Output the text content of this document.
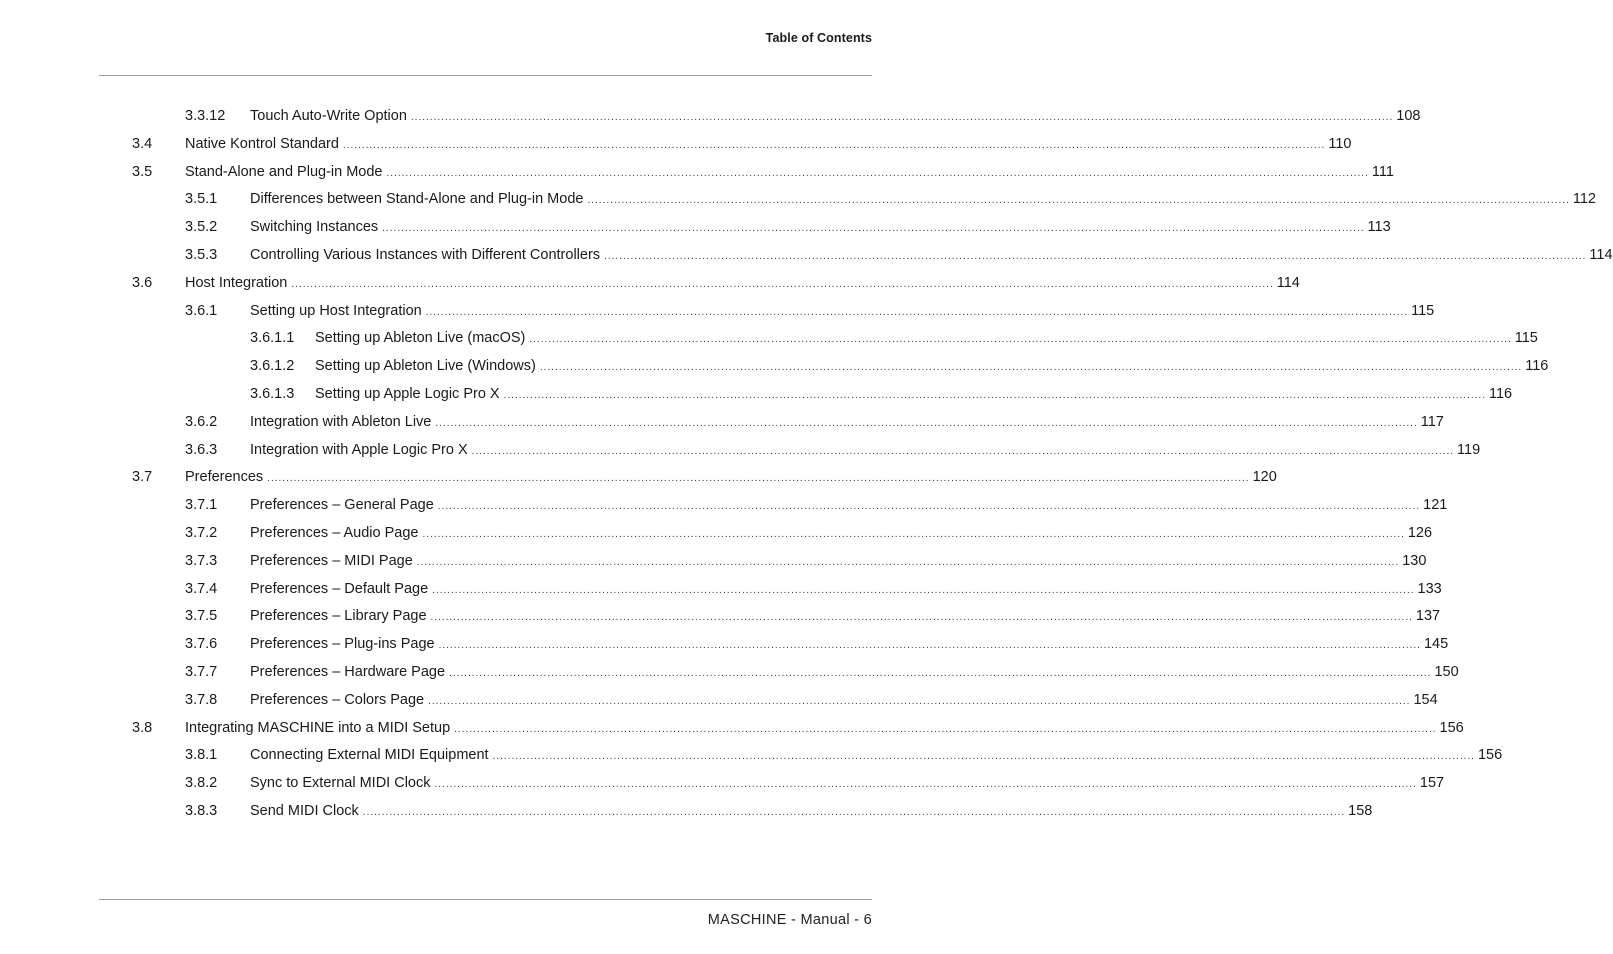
Table of Contents
3.3.12 Touch Auto-Write Option .................................................................................................................................................................................................................................................................... 108
3.4 Native Kontrol Standard .................................................................................................................................................................................................................................................................... 110
3.5 Stand-Alone and Plug-in Mode .................................................................................................................................................................................................................................................................... 111
3.5.1 Differences between Stand-Alone and Plug-in Mode .................................................................................................................................................................................................................................................................... 112
3.5.2 Switching Instances .................................................................................................................................................................................................................................................................... 113
3.5.3 Controlling Various Instances with Different Controllers .................................................................................................................................................................................................................................................................... 114
3.6 Host Integration .................................................................................................................................................................................................................................................................... 114
3.6.1 Setting up Host Integration .................................................................................................................................................................................................................................................................... 115
3.6.1.1 Setting up Ableton Live (macOS) .................................................................................................................................................................................................................................................................... 115
3.6.1.2 Setting up Ableton Live (Windows) .................................................................................................................................................................................................................................................................... 116
3.6.1.3 Setting up Apple Logic Pro X .................................................................................................................................................................................................................................................................... 116
3.6.2 Integration with Ableton Live .................................................................................................................................................................................................................................................................... 117
3.6.3 Integration with Apple Logic Pro X .................................................................................................................................................................................................................................................................... 119
3.7 Preferences .................................................................................................................................................................................................................................................................... 120
3.7.1 Preferences – General Page .................................................................................................................................................................................................................................................................... 121
3.7.2 Preferences – Audio Page .................................................................................................................................................................................................................................................................... 126
3.7.3 Preferences – MIDI Page .................................................................................................................................................................................................................................................................... 130
3.7.4 Preferences – Default Page .................................................................................................................................................................................................................................................................... 133
3.7.5 Preferences – Library Page .................................................................................................................................................................................................................................................................... 137
3.7.6 Preferences – Plug-ins Page .................................................................................................................................................................................................................................................................... 145
3.7.7 Preferences – Hardware Page .................................................................................................................................................................................................................................................................... 150
3.7.8 Preferences – Colors Page .................................................................................................................................................................................................................................................................... 154
3.8 Integrating MASCHINE into a MIDI Setup .................................................................................................................................................................................................................................................................... 156
3.8.1 Connecting External MIDI Equipment .................................................................................................................................................................................................................................................................... 156
3.8.2 Sync to External MIDI Clock .................................................................................................................................................................................................................................................................... 157
3.8.3 Send MIDI Clock .................................................................................................................................................................................................................................................................... 158
MASCHINE - Manual - 6
